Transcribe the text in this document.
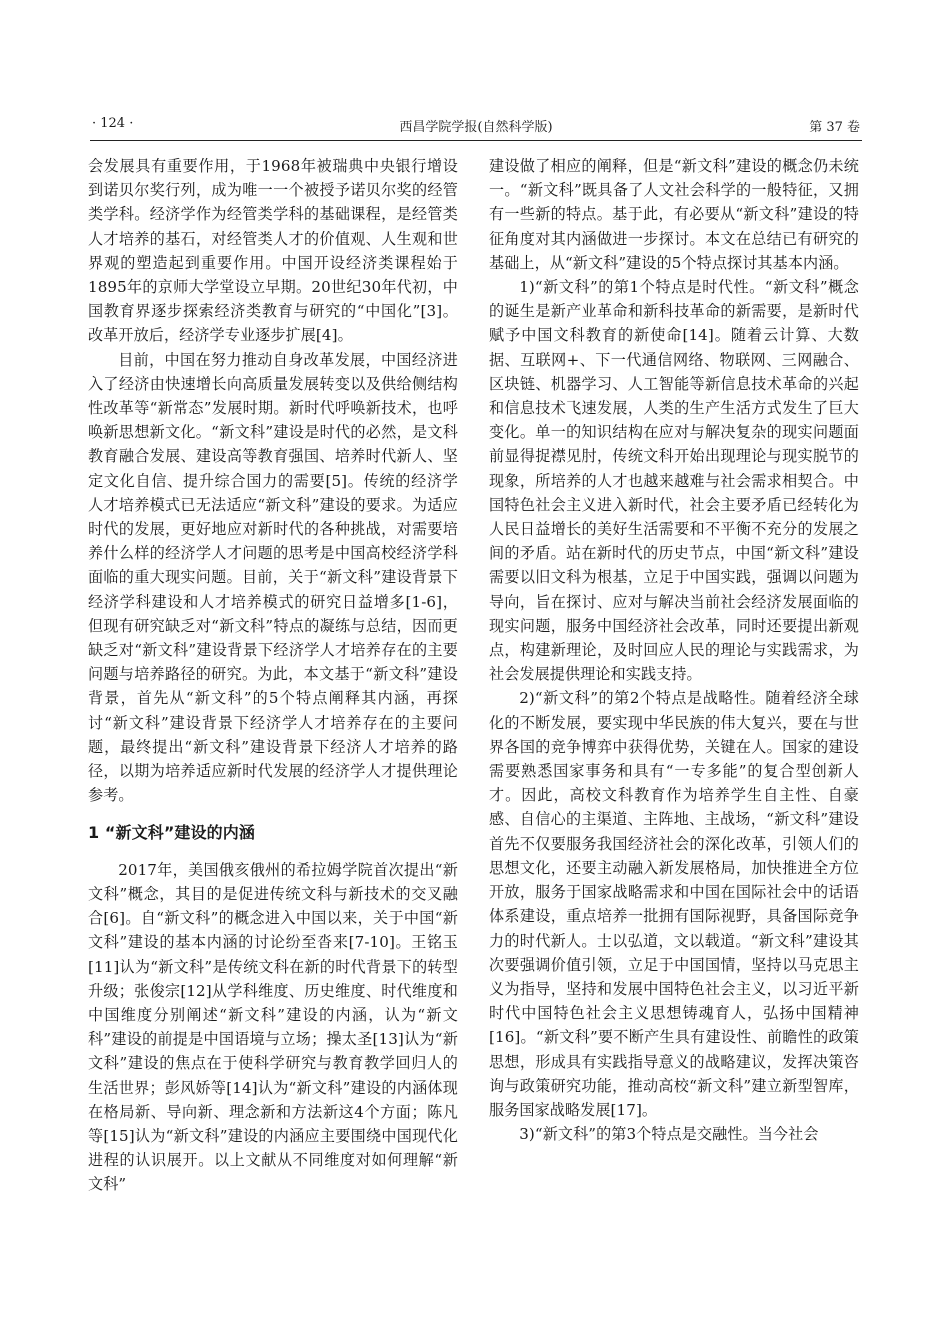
· 124 ·	西昌学院学报(自然科学版)	第 37 卷

会发展具有重要作用，于1968年被瑞典中央银行增设到诺贝尔奖行列，成为唯一一个被授予诺贝尔奖的经管类学科。经济学作为经管类学科的基础课程，是经管类人才培养的基石，对经管类人才的价值观、人生观和世界观的塑造起到重要作用。中国开设经济类课程始于1895年的京师大学堂设立早期。20世纪30年代初，中国教育界逐步探索经济类教育与研究的“中国化”[3]。改革开放后，经济学专业逐步扩展[4]。

目前，中国在努力推动自身改革发展，中国经济进入了经济由快速增长向高质量发展转变以及供给侧结构性改革等“新常态”发展时期。新时代呼唤新技术，也呼唤新思想新文化。“新文科”建设是时代的必然，是文科教育融合发展、建设高等教育强国、培养时代新人、坚定文化自信、提升综合国力的需要[5]。传统的经济学人才培养模式已无法适应“新文科”建设的要求。为适应时代的发展，更好地应对新时代的各种挑战，对需要培养什么样的经济学人才问题的思考是中国高校经济学科面临的重大现实问题。目前，关于“新文科”建设背景下经济学科建设和人才培养模式的研究日益增多[1-6]，但现有研究缺乏对“新文科”特点的凝练与总结，因而更缺乏对“新文科”建设背景下经济学人才培养存在的主要问题与培养路径的研究。为此，本文基于“新文科”建设背景，首先从“新文科”的5个特点阐释其内涵，再探讨“新文科”建设背景下经济学人才培养存在的主要问题，最终提出“新文科”建设背景下经济人才培养的路径，以期为培养适应新时代发展的经济学人才提供理论参考。

1 “新文科”建设的内涵

2017年，美国俄亥俄州的希拉姆学院首次提出“新文科”概念，其目的是促进传统文科与新技术的交叉融合[6]。自“新文科”的概念进入中国以来，关于中国“新文科”建设的基本内涵的讨论纷至沓来[7-10]。王铭玉[11]认为“新文科”是传统文科在新的时代背景下的转型升级；张俊宗[12]从学科维度、历史维度、时代维度和中国维度分别阐述“新文科”建设的内涵，认为“新文科”建设的前提是中国语境与立场；操太圣[13]认为“新文科”建设的焦点在于使科学研究与教育教学回归人的生活世界；彭风娇等[14]认为“新文科”建设的内涵体现在格局新、导向新、理念新和方法新这4个方面；陈凡等[15]认为“新文科”建设的内涵应主要围绕中国现代化进程的认识展开。以上文献从不同维度对如何理解“新文科”

建设做了相应的阐释，但是“新文科”建设的概念仍未统一。“新文科”既具备了人文社会科学的一般特征，又拥有一些新的特点。基于此，有必要从“新文科”建设的特征角度对其内涵做进一步探讨。本文在总结已有研究的基础上，从“新文科”建设的5个特点探讨其基本内涵。

1)“新文科”的第1个特点是时代性。“新文科”概念的诞生是新产业革命和新科技革命的新需要，是新时代赋予中国文科教育的新使命[14]。随着云计算、大数据、互联网+、下一代通信网络、物联网、三网融合、区块链、机器学习、人工智能等新信息技术革命的兴起和信息技术飞速发展，人类的生产生活方式发生了巨大变化。单一的知识结构在应对与解决复杂的现实问题面前显得捉襟见肘，传统文科开始出现理论与现实脱节的现象，所培养的人才也越来越难与社会需求相契合。中国特色社会主义进入新时代，社会主要矛盾已经转化为人民日益增长的美好生活需要和不平衡不充分的发展之间的矛盾。站在新时代的历史节点，中国“新文科”建设需要以旧文科为根基，立足于中国实践，强调以问题为导向，旨在探讨、应对与解决当前社会经济发展面临的现实问题，服务中国经济社会改革，同时还要提出新观点，构建新理论，及时回应人民的理论与实践需求，为社会发展提供理论和实践支持。

2)“新文科”的第2个特点是战略性。随着经济全球化的不断发展，要实现中华民族的伟大复兴，要在与世界各国的竞争博弈中获得优势，关键在人。国家的建设需要熟悉国家事务和具有“一专多能”的复合型创新人才。因此，高校文科教育作为培养学生自主性、自豪感、自信心的主渠道、主阵地、主战场，“新文科”建设首先不仅要服务我国经济社会的深化改革，引领人们的思想文化，还要主动融入新发展格局，加快推进全方位开放，服务于国家战略需求和中国在国际社会中的话语体系建设，重点培养一批拥有国际视野，具备国际竞争力的时代新人。士以弘道，文以载道。“新文科”建设其次要强调价值引领，立足于中国国情，坚持以马克思主义为指导，坚持和发展中国特色社会主义，以习近平新时代中国特色社会主义思想铸魂育人，弘扬中国精神[16]。“新文科”要不断产生具有建设性、前瞻性的政策思想，形成具有实践指导意义的战略建议，发挥决策咨询与政策研究功能，推动高校“新文科”建立新型智库，服务国家战略发展[17]。

3)“新文科”的第3个特点是交融性。当今社会
